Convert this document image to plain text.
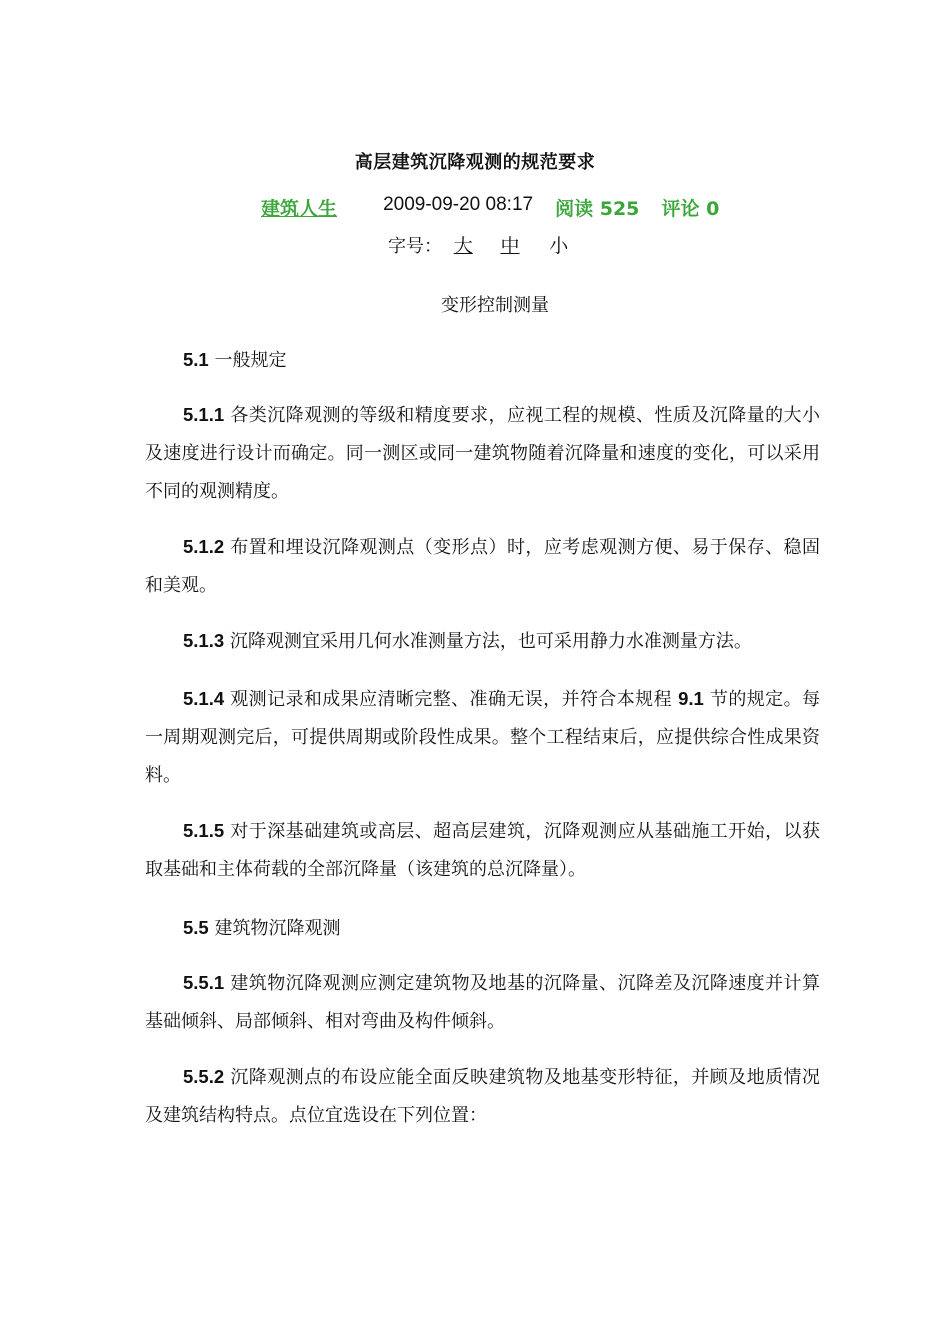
高层建筑沉降观测的规范要求
建筑人生 2009-09-20 08:17 阅读 525 评论 0
字号： 大 中 小
变形控制测量
5.1 一般规定
5.1.1 各类沉降观测的等级和精度要求，应视工程的规模、性质及沉降量的大小及速度进行设计而确定。同一测区或同一建筑物随着沉降量和速度的变化，可以采用不同的观测精度。
5.1.2 布置和埋设沉降观测点（变形点）时，应考虑观测方便、易于保存、稳固和美观。
5.1.3 沉降观测宜采用几何水准测量方法，也可采用静力水准测量方法。
5.1.4 观测记录和成果应清晰完整、准确无误，并符合本规程 9.1 节的规定。每一周期观测完后，可提供周期或阶段性成果。整个工程结束后，应提供综合性成果资料。
5.1.5 对于深基础建筑或高层、超高层建筑，沉降观测应从基础施工开始，以获取基础和主体荷载的全部沉降量（该建筑的总沉降量）。
5.5 建筑物沉降观测
5.5.1 建筑物沉降观测应测定建筑物及地基的沉降量、沉降差及沉降速度并计算基础倾斜、局部倾斜、相对弯曲及构件倾斜。
5.5.2 沉降观测点的布设应能全面反映建筑物及地基变形特征，并顾及地质情况及建筑结构特点。点位宜选设在下列位置：
